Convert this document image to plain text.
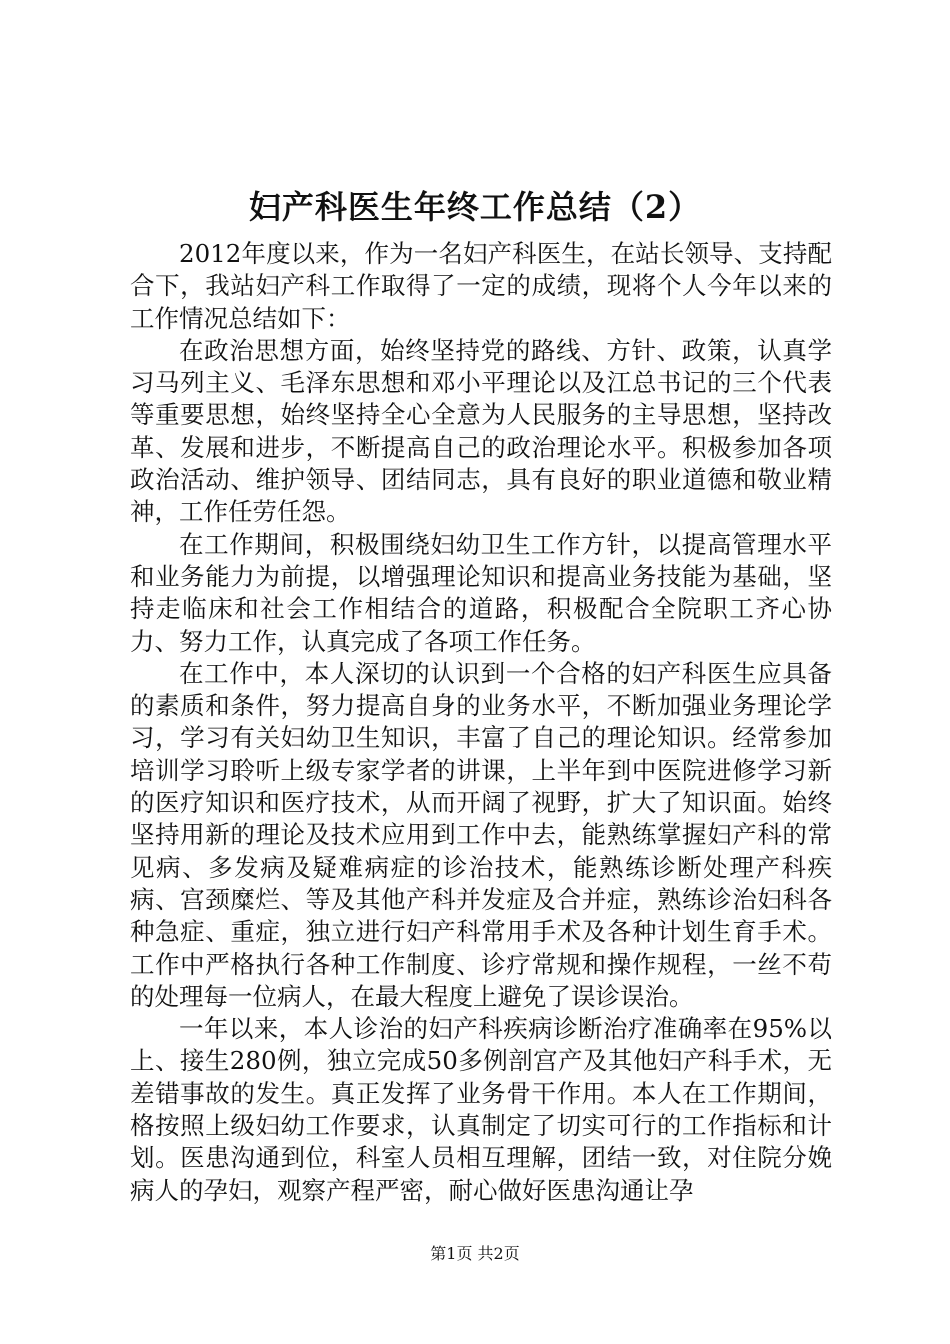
妇产科医生年终工作总结（2）

2012年度以来，作为一名妇产科医生，在站长领导、支持配合下，我站妇产科工作取得了一定的成绩，现将个人今年以来的工作情况总结如下：

在政治思想方面，始终坚持党的路线、方针、政策，认真学习马列主义、毛泽东思想和邓小平理论以及江总书记的三个代表等重要思想，始终坚持全心全意为人民服务的主导思想，坚持改革、发展和进步，不断提高自己的政治理论水平。积极参加各项政治活动、维护领导、团结同志，具有良好的职业道德和敬业精神，工作任劳任怨。

在工作期间，积极围绕妇幼卫生工作方针，以提高管理水平和业务能力为前提，以增强理论知识和提高业务技能为基础，坚持走临床和社会工作相结合的道路，积极配合全院职工齐心协力、努力工作，认真完成了各项工作任务。

在工作中，本人深切的认识到一个合格的妇产科医生应具备的素质和条件，努力提高自身的业务水平，不断加强业务理论学习，学习有关妇幼卫生知识，丰富了自己的理论知识。经常参加培训学习聆听上级专家学者的讲课，上半年到中医院进修学习新的医疗知识和医疗技术，从而开阔了视野，扩大了知识面。始终坚持用新的理论及技术应用到工作中去，能熟练掌握妇产科的常见病、多发病及疑难病症的诊治技术，能熟练诊断处理产科疾病、宫颈糜烂、等及其他产科并发症及合并症，熟练诊治妇科各种急症、重症，独立进行妇产科常用手术及各种计划生育手术。工作中严格执行各种工作制度、诊疗常规和操作规程，一丝不苟的处理每一位病人，在最大程度上避免了误诊误治。

一年以来，本人诊治的妇产科疾病诊断治疗准确率在95%以上、接生280例，独立完成50多例剖宫产及其他妇产科手术，无差错事故的发生。真正发挥了业务骨干作用。本人在工作期间，格按照上级妇幼工作要求，认真制定了切实可行的工作指标和计划。医患沟通到位，科室人员相互理解，团结一致，对住院分娩病人的孕妇，观察产程严密，耐心做好医患沟通让孕

第1页 共2页
